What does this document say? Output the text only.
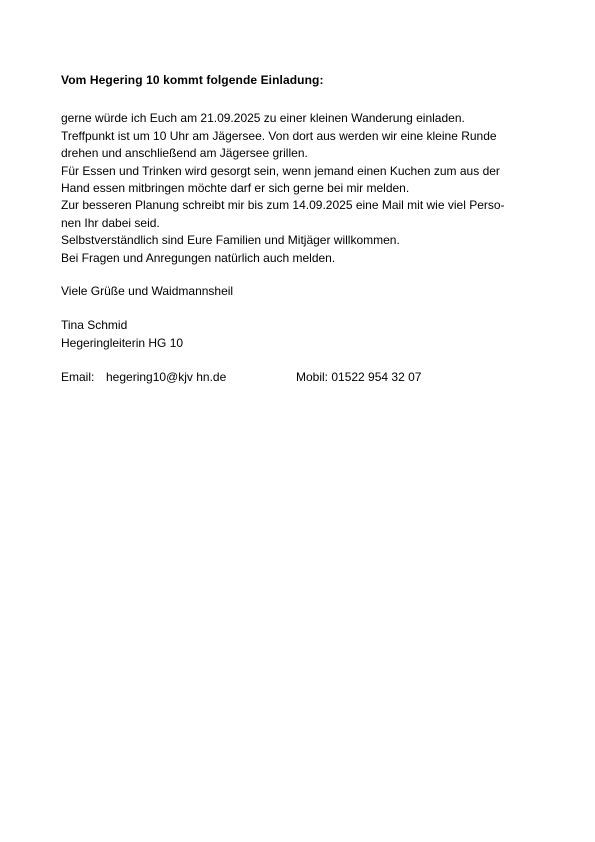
Vom Hegering 10 kommt folgende Einladung:

gerne würde ich Euch am 21.09.2025 zu einer kleinen Wanderung einladen.
Treffpunkt ist um 10 Uhr am Jägersee. Von dort aus werden wir eine kleine Runde
drehen und anschließend am Jägersee grillen.
Für Essen und Trinken wird gesorgt sein, wenn jemand einen Kuchen zum aus der
Hand essen mitbringen möchte darf er sich gerne bei mir melden.
Zur besseren Planung schreibt mir bis zum 14.09.2025 eine Mail mit wie viel Perso-
nen Ihr dabei seid.
Selbstverständlich sind Eure Familien und Mitjäger willkommen.
Bei Fragen und Anregungen natürlich auch melden.
Viele Grüße und Waidmannsheil
Tina Schmid
Hegeringleiterin HG 10
Email: hegering10@kjv hn.de	Mobil: 01522 954 32 07
